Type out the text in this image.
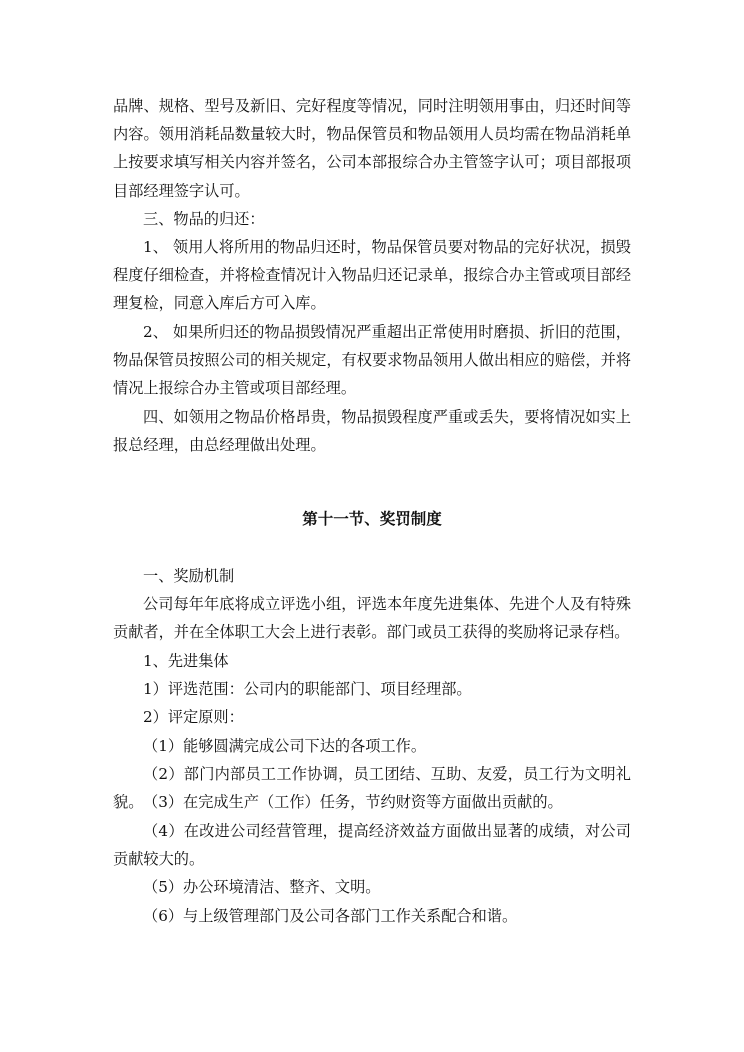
品牌、规格、型号及新旧、完好程度等情况，同时注明领用事由，归还时间等内容。领用消耗品数量较大时，物品保管员和物品领用人员均需在物品消耗单上按要求填写相关内容并签名，公司本部报综合办主管签字认可；项目部报项目部经理签字认可。

三、物品的归还：

1、 领用人将所用的物品归还时，物品保管员要对物品的完好状况，损毁程度仔细检查，并将检查情况计入物品归还记录单，报综合办主管或项目部经理复检，同意入库后方可入库。

2、 如果所归还的物品损毁情况严重超出正常使用时磨损、折旧的范围，物品保管员按照公司的相关规定，有权要求物品领用人做出相应的赔偿，并将情况上报综合办主管或项目部经理。

四、如领用之物品价格昂贵，物品损毁程度严重或丢失，要将情况如实上报总经理，由总经理做出处理。

第十一节、奖罚制度

一、奖励机制

公司每年年底将成立评选小组，评选本年度先进集体、先进个人及有特殊贡献者，并在全体职工大会上进行表彰。部门或员工获得的奖励将记录存档。

1、先进集体

1）评选范围：公司内的职能部门、项目经理部。

2）评定原则：

（1）能够圆满完成公司下达的各项工作。

（2）部门内部员工工作协调，员工团结、互助、友爱，员工行为文明礼貌。 （3）在完成生产（工作）任务，节约财资等方面做出贡献的。

（4）在改进公司经营管理，提高经济效益方面做出显著的成绩，对公司贡献较大的。

（5）办公环境清洁、整齐、文明。

（6）与上级管理部门及公司各部门工作关系配合和谐。
